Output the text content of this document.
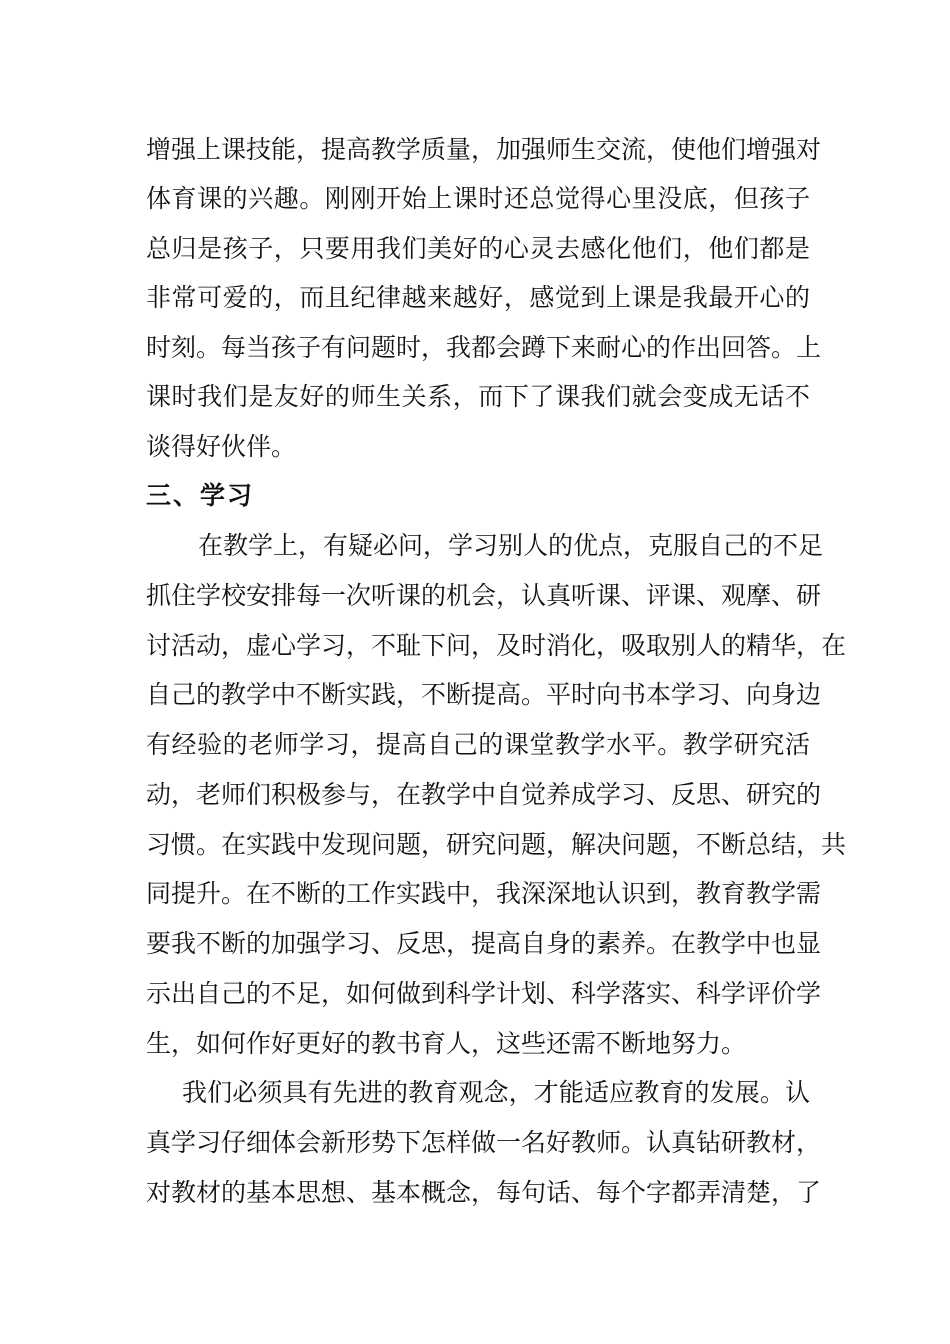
增强上课技能，提高教学质量，加强师生交流，使他们增强对
体育课的兴趣。刚刚开始上课时还总觉得心里没底，但孩子
总归是孩子，只要用我们美好的心灵去感化他们，他们都是
非常可爱的，而且纪律越来越好，感觉到上课是我最开心的
时刻。每当孩子有问题时，我都会蹲下来耐心的作出回答。上
课时我们是友好的师生关系，而下了课我们就会变成无话不
谈得好伙伴。
三、学习
在教学上，有疑必问，学习别人的优点，克服自己的不足
抓住学校安排每一次听课的机会，认真听课、评课、观摩、研
讨活动，虚心学习，不耻下问，及时消化，吸取别人的精华，在
自己的教学中不断实践，不断提高。平时向书本学习、向身边
有经验的老师学习，提高自己的课堂教学水平。教学研究活
动，老师们积极参与，在教学中自觉养成学习、反思、研究的
习惯。在实践中发现问题，研究问题，解决问题，不断总结，共
同提升。在不断的工作实践中，我深深地认识到，教育教学需
要我不断的加强学习、反思，提高自身的素养。在教学中也显
示出自己的不足，如何做到科学计划、科学落实、科学评价学
生，如何作好更好的教书育人，这些还需不断地努力。
我们必须具有先进的教育观念，才能适应教育的发展。认
真学习仔细体会新形势下怎样做一名好教师。认真钻研教材，
对教材的基本思想、基本概念，每句话、每个字都弄清楚，了
